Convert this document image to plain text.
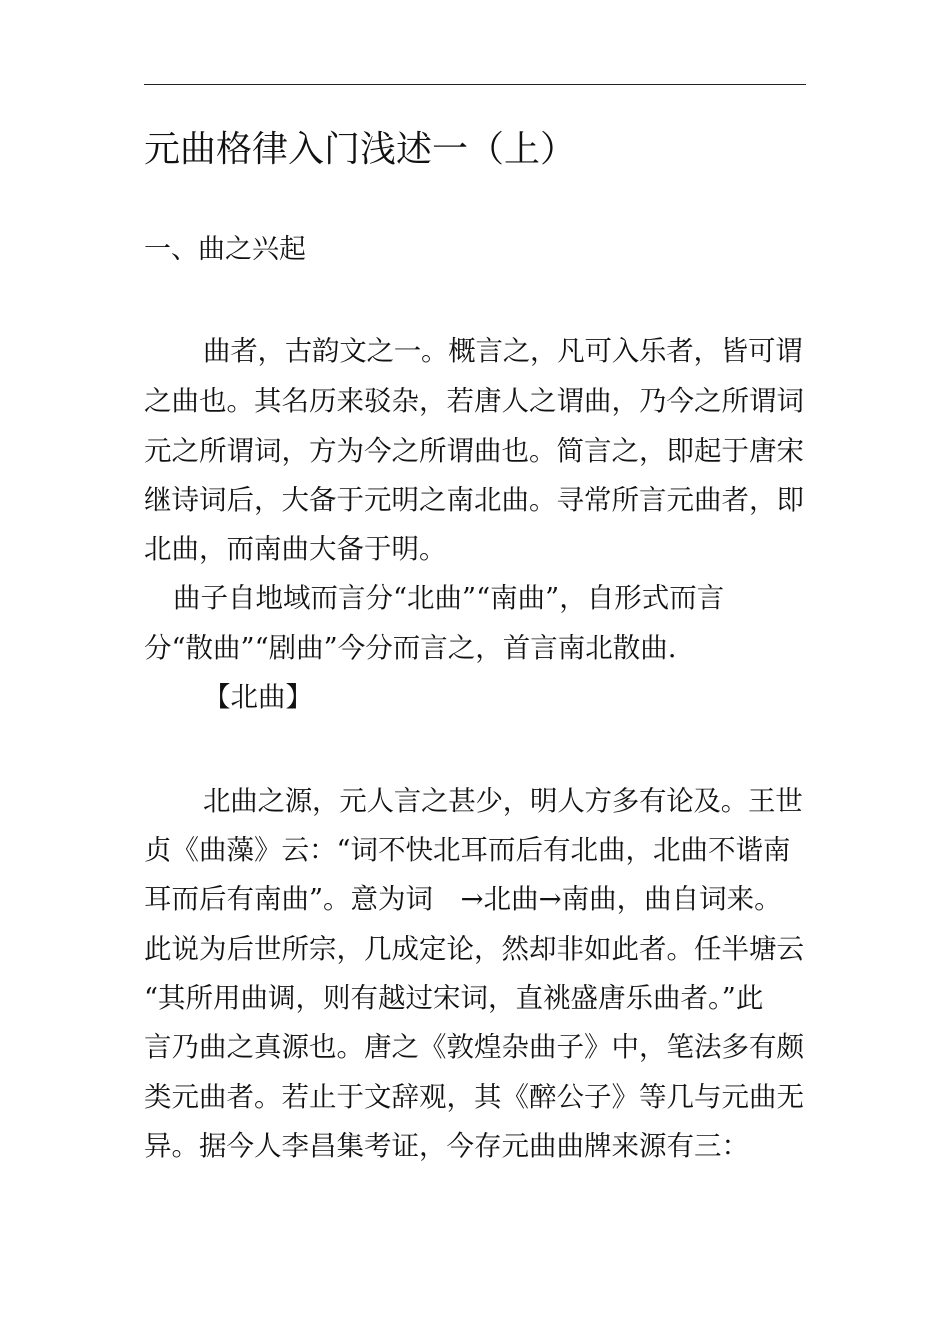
元曲格律入门浅述一（上）
一、曲之兴起
曲者，古韵文之一。概言之，凡可入乐者，皆可谓
之曲也。其名历来驳杂，若唐人之谓曲，乃今之所谓词
元之所谓词，方为今之所谓曲也。简言之，即起于唐宋
继诗词后，大备于元明之南北曲。寻常所言元曲者，即
北曲，而南曲大备于明。
曲子自地域而言分“北曲”“南曲”，自形式而言
分“散曲”“剧曲”今分而言之，首言南北散曲.
【北曲】
北曲之源，元人言之甚少，明人方多有论及。王世
贞《曲藻》云：“词不快北耳而后有北曲，北曲不谐南
耳而后有南曲”。意为词　→北曲→南曲，曲自词来。
此说为后世所宗，几成定论，然却非如此者。任半塘云
“其所用曲调，则有越过宋词，直祧盛唐乐曲者。”此
言乃曲之真源也。唐之《敦煌杂曲子》中，笔法多有颇
类元曲者。若止于文辞观，其《醉公子》等几与元曲无
异。据今人李昌集考证，今存元曲曲牌来源有三：
